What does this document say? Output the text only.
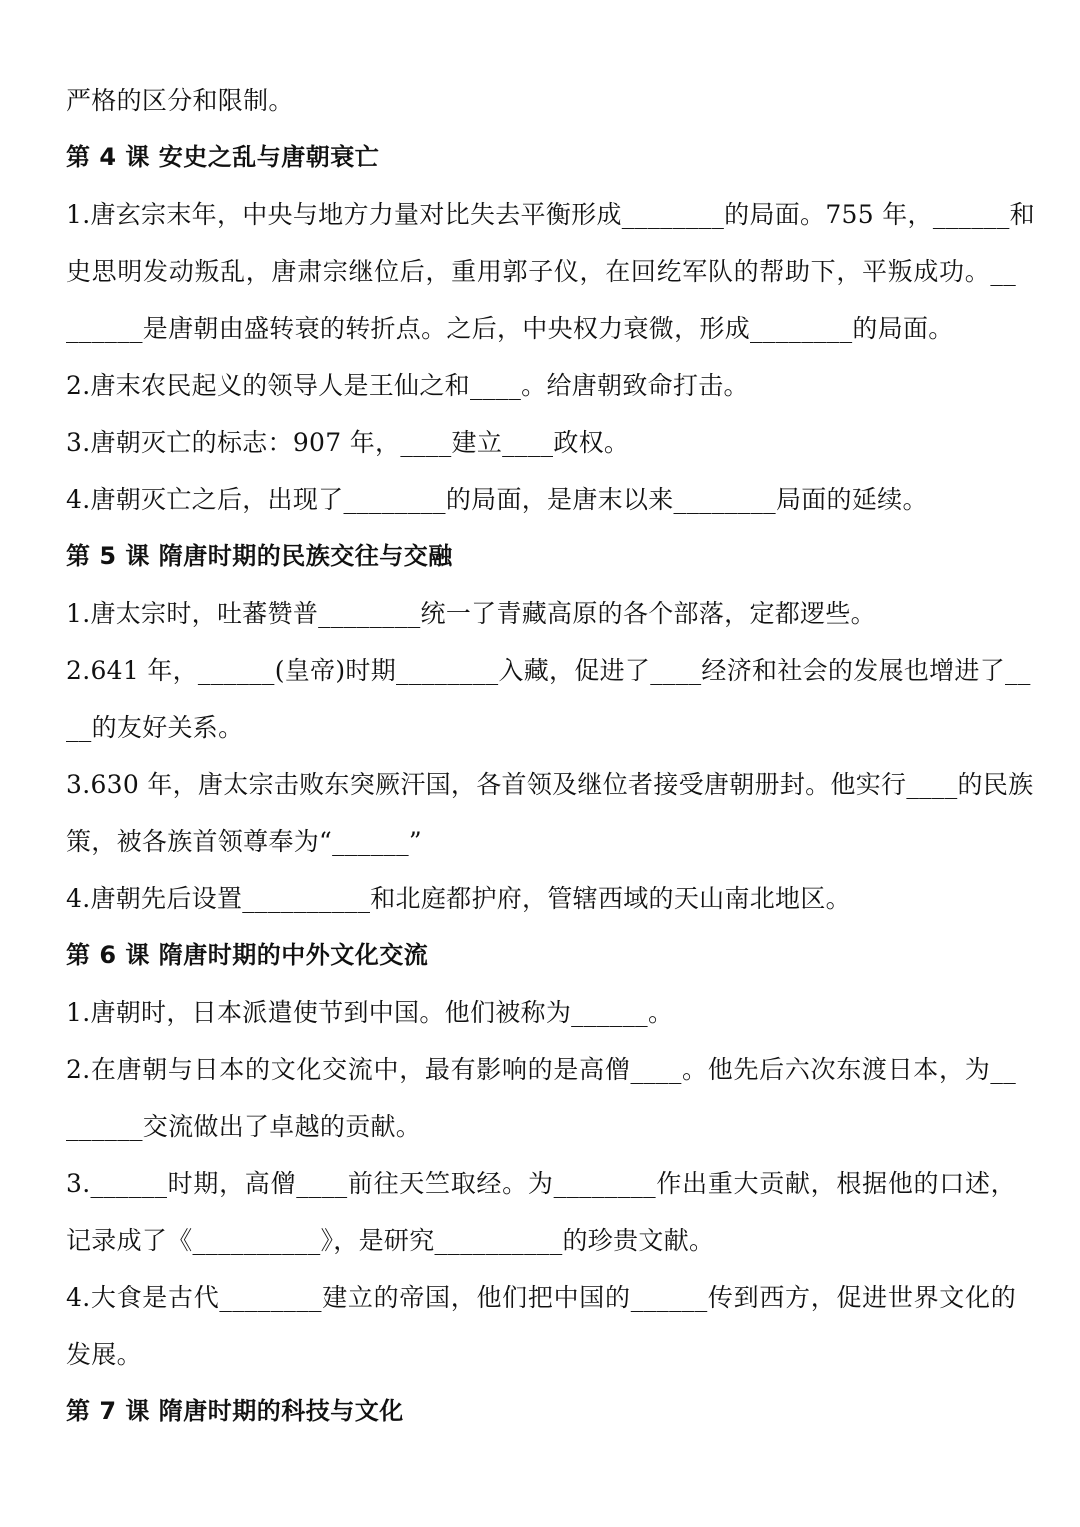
严格的区分和限制。
第 4 课 安史之乱与唐朝衰亡
1.唐玄宗末年，中央与地方力量对比失去平衡形成________的局面。755 年，______和
史思明发动叛乱，唐肃宗继位后，重用郭子仪，在回纥军队的帮助下，平叛成功。__
______是唐朝由盛转衰的转折点。之后，中央权力衰微，形成________的局面。
2.唐末农民起义的领导人是王仙之和____。给唐朝致命打击。
3.唐朝灭亡的标志：907 年，____建立____政权。
4.唐朝灭亡之后，出现了________的局面，是唐末以来________局面的延续。
第 5 课 隋唐时期的民族交往与交融
1.唐太宗时，吐蕃赞普________统一了青藏高原的各个部落，定都逻些。
2.641 年，______(皇帝)时期________入藏，促进了____经济和社会的发展也增进了__
__的友好关系。
3.630 年，唐太宗击败东突厥汗国，各首领及继位者接受唐朝册封。他实行____的民族
策，被各族首领尊奉为“______”
4.唐朝先后设置__________和北庭都护府，管辖西域的天山南北地区。
第 6 课 隋唐时期的中外文化交流
1.唐朝时，日本派遣使节到中国。他们被称为______。
2.在唐朝与日本的文化交流中，最有影响的是高僧____。他先后六次东渡日本，为__
______交流做出了卓越的贡献。
3.______时期，高僧____前往天竺取经。为________作出重大贡献，根据他的口述，
记录成了《__________》，是研究__________的珍贵文献。
4.大食是古代________建立的帝国，他们把中国的______传到西方，促进世界文化的
发展。
第 7 课 隋唐时期的科技与文化
